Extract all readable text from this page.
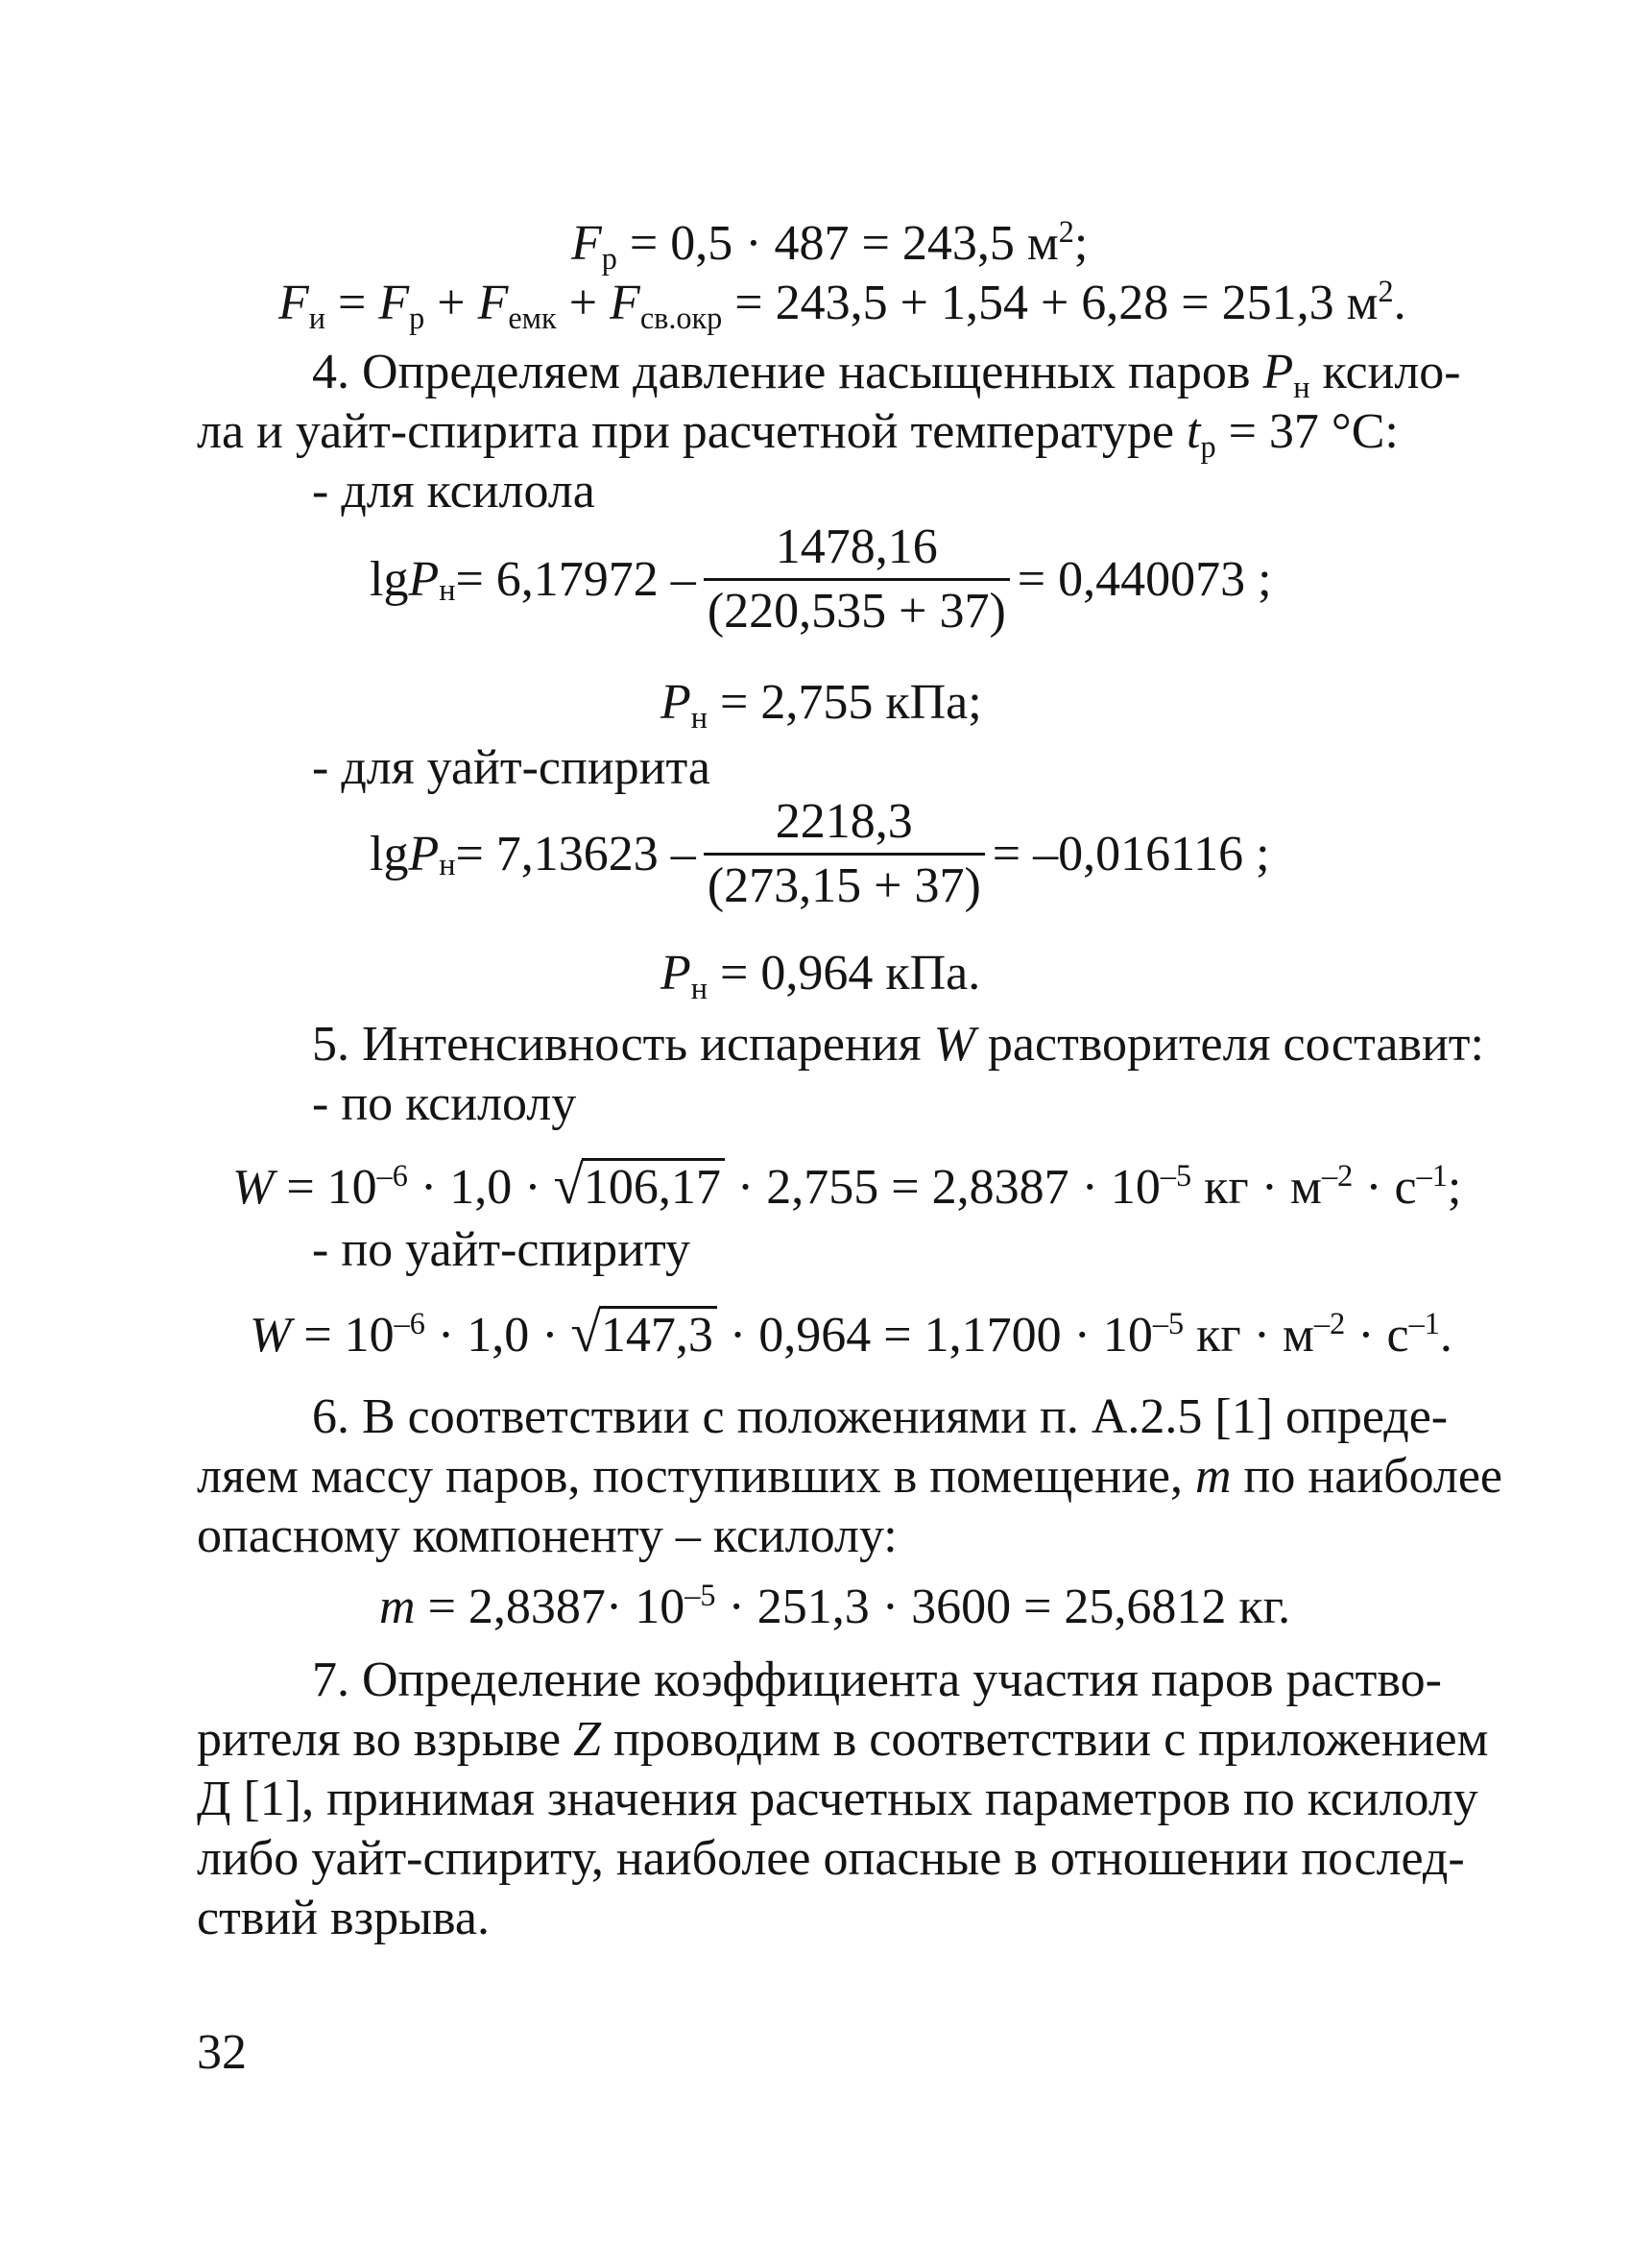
Fр = 0,5 · 487 = 243,5 $м^2$;
Fи = Fр + Fемк + Fсв.окр = 243,5 + 1,54 + 6,28 = 251,3 $м^2$.
4. Определяем давление насыщенных паров Pн ксило-
ла и уайт-спирита при расчетной температуре tр = 37 °С:
- для ксилола
lg P $н = 6,17972 - \frac{1478,16}{(220,535 + 37)} = 0,440073$ ;
Pн = 2,755 кПа;
- для уайт-спирита
lg P $н = 7,13623 - \frac{2218,3}{(273,15 + 37)} = -0,016116$ ;
Pн = 0,964 кПа.
5. Интенсивность испарения W растворителя составит:
- по ксилолу
$W = 10^{-6} \cdot 1,0$ · √ $106,17 \cdot 2,755 = 2,8387 \cdot 10^{-5}$ кг · $м^{-2} \cdot с^{-1}$;
- по уайт-спириту
$W = 10^{-6} \cdot 1,0$ · √ $147,3 \cdot 0,964 = 1,1700 \cdot 10^{-5}$ кг · $м^{-2} \cdot с^{-1}$.
6. В соответствии с положениями п. А.2.5 [1] опреде-
ляем массу паров, поступивших в помещение, m по наиболее
опасному компоненту – ксилолу:
$m = 2,8387\cdot 10^{-5} \cdot 251,3 \cdot 3600 = 25,6812$ кг.
7. Определение коэффициента участия паров раство-
рителя во взрыве Z проводим в соответствии с приложением
Д [1], принимая значения расчетных параметров по ксилолу
либо уайт-спириту, наиболее опасные в отношении послед-
ствий взрыва.
32
